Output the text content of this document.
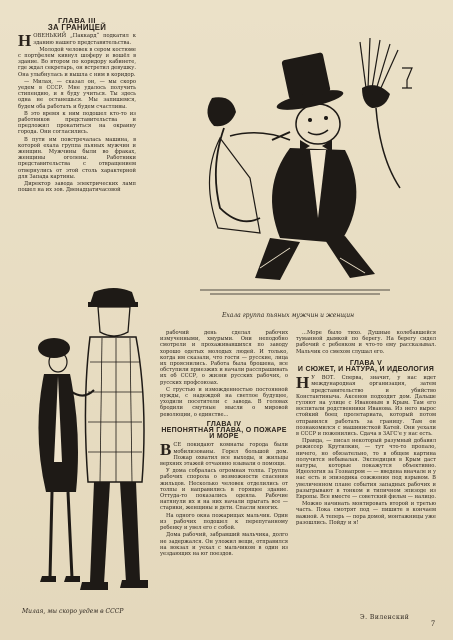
ГЛАВА III
ЗА ГРАНИЦЕЙ

НОВЕНЬКИЙ „Паккард“ подкатил к зданию нашего представительства.

Молодой человек в сером костюме с портфелем кивнул шоферу и вошёл в здание. Во втором по коридору кабинете, где ждал секретарь, он встретил девушку. Она улыбнулась и вышла с ним в коридор.

— Милая, — сказал он, — мы скоро уедем в СССР. Мне удалось получить стипендию, и я буду учиться. Ты здесь одна не останешься. Мы запишемся, будем оба работать и будем счастливы.

В это время к ним подошел кто-то из работников представительства и предложил прокатиться на окраину города. Они согласились.

В пути им повстречалась машина, в которой ехала группа пьяных мужчин и женщин. Мужчины были во фраках, женщины оголены. Работники представительства с отвращением отвернулись от этой столь характерной для Запада картины.

Директор завода электрических ламп пошел на их зов. Двенадцатичасовой

Ехала группа пьяных мужчин и женщин

рабочий день сделал рабочих измученными, хмурыми. Они неподобно смотрели и прохаживавшихся по заводу хорошо одетых молодых людей. И только, когда им сказали, что гости — русские, лица их прояснились. Работа была брошена, все обступили приезжих и начали расспрашивать их об СССР, о жизни русских рабочих, о русских профсоюзах.

С грустью и изможденностью постоянной нужды, с надеждой на светлое будущее, уходили посетители с завода. В головах бродили смутные мысли о мировой революции, о единстве...

ГЛАВА IV
НЕПОНЯТНАЯ ГЛАВА, О ПОЖАРЕ И МОРЕ

ВСЕ покидают комнаты города были мобилизованы. Горел большой дом. Пожар охватил все выходы, и жильцы верхних этажей отчаянно взывали о помощи.

У дома собралась огромная толпа. Группа рабочих спорола о возможности спасения жильцов. Несколько человек отделились от толпы и направились в горящее здание. Оттуда-то показались одеяла. Рабочие натянули их и на них начали прыгать все — старики, женщины и дети. Спасли многих.

На одного окна пожарищах мальчик. Один из рабочих подошел к перепуганному ребенку и увел его с собой.

Дома рабочий, забравший мальчика, долго не задержался. Он уложил вещи, отправился на вокзал и уехал с мальчиком в один из уездающих на юг поездов.

...Море было тихо. Душные колебавшейся туманной дымкой по берегу. На берегу сидел рабочий с ребенком и что-то ему рассказывал. Мальчик со смехом слушал его.

ГЛАВА V
И СЮЖЕТ, И НАТУРА, И ИДЕОЛОГИЯ

Н У ВОТ. Сперва, значит, у нас идет международная организация, затем представительство и убийство Константиныча. Аксенов подходит дом. Дальше гуляют на улице с Ивановым в Крым. Там его воспитали родственники Иванова. Из него вырос стойкий боец пролетариата, который потом отправился работать за границу. Там он познакомился с машинисткой Катей. Они уехали в СССР и поженились. Сдача в ЗАГС'е у нас есть.

Правда, — писал некоторый разумный добавил режиссер Крутилкин, — тут что-то пропало, ничего, но обязательно, то в общем картина получится небывалая. Экспедиция в Крым даст натуры, которые покажутся объективно. Идеология за Гознапром — — введена вначале и у нас есть и эпизодика сожжения под взрывом. В увеличенном плане события западных рабочих и разыгрывают в тонком и типичном эпизоде из Европы. Все вместе — советский фильм — налицо.

Можно начинать монтировать второй и третью часть. Пока смотрят под — пишите в кончаем важной. А теперь — пора домой, монтажницы уже разошлись. Пойду и я!

Э. Виленский
Милая, мы скоро уедем в СССР
7
